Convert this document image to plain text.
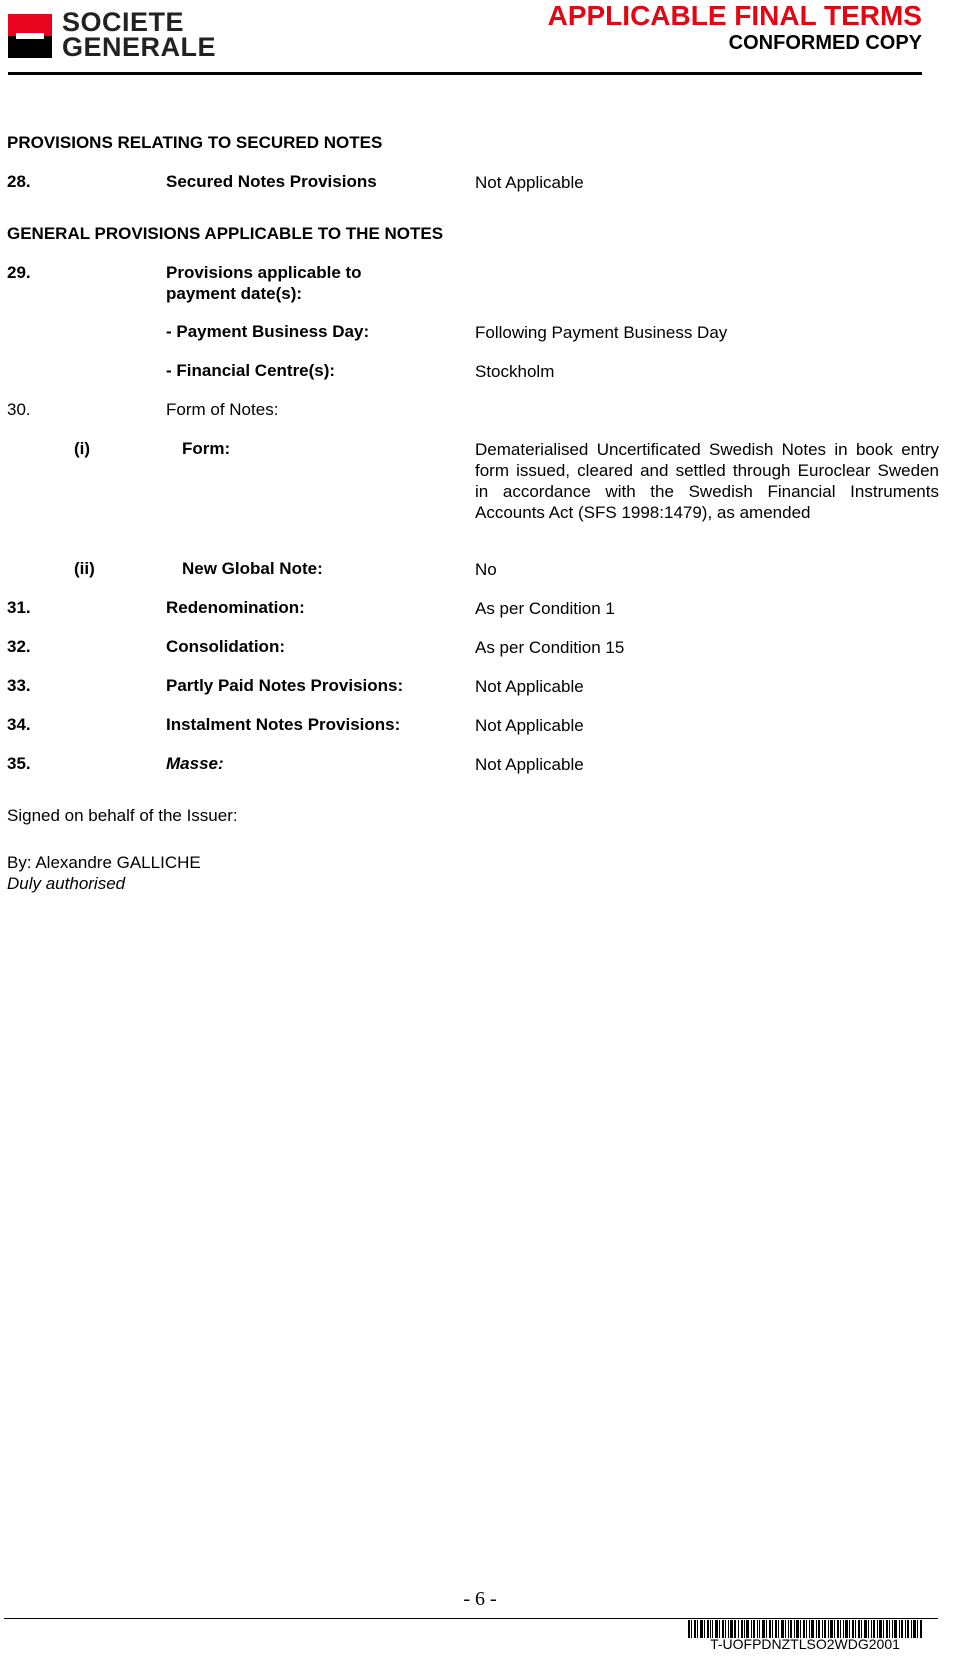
SOCIETE
GENERALE
APPLICABLE FINAL TERMS
CONFORMED COPY
PROVISIONS RELATING TO SECURED NOTES
28.	Secured Notes Provisions	Not Applicable
GENERAL PROVISIONS APPLICABLE TO THE NOTES
29.	Provisions applicable to
payment date(s):
- Payment Business Day:	Following Payment Business Day
- Financial Centre(s):	Stockholm
30.	Form of Notes:
(i)	Form:	Dematerialised Uncertificated Swedish Notes in book entry form issued, cleared and settled through Euroclear Sweden in accordance with the Swedish Financial Instruments Accounts Act (SFS 1998:1479), as amended
(ii)	New Global Note:	No
31.	Redenomination:	As per Condition 1
32.	Consolidation:	As per Condition 15
33.	Partly Paid Notes Provisions:	Not Applicable
34.	Instalment Notes Provisions:	Not Applicable
35.	Masse:	Not Applicable
Signed on behalf of the Issuer:
By: Alexandre GALLICHE
Duly authorised
- 6 -
T-UOFPDNZTLSO2WDG2001
